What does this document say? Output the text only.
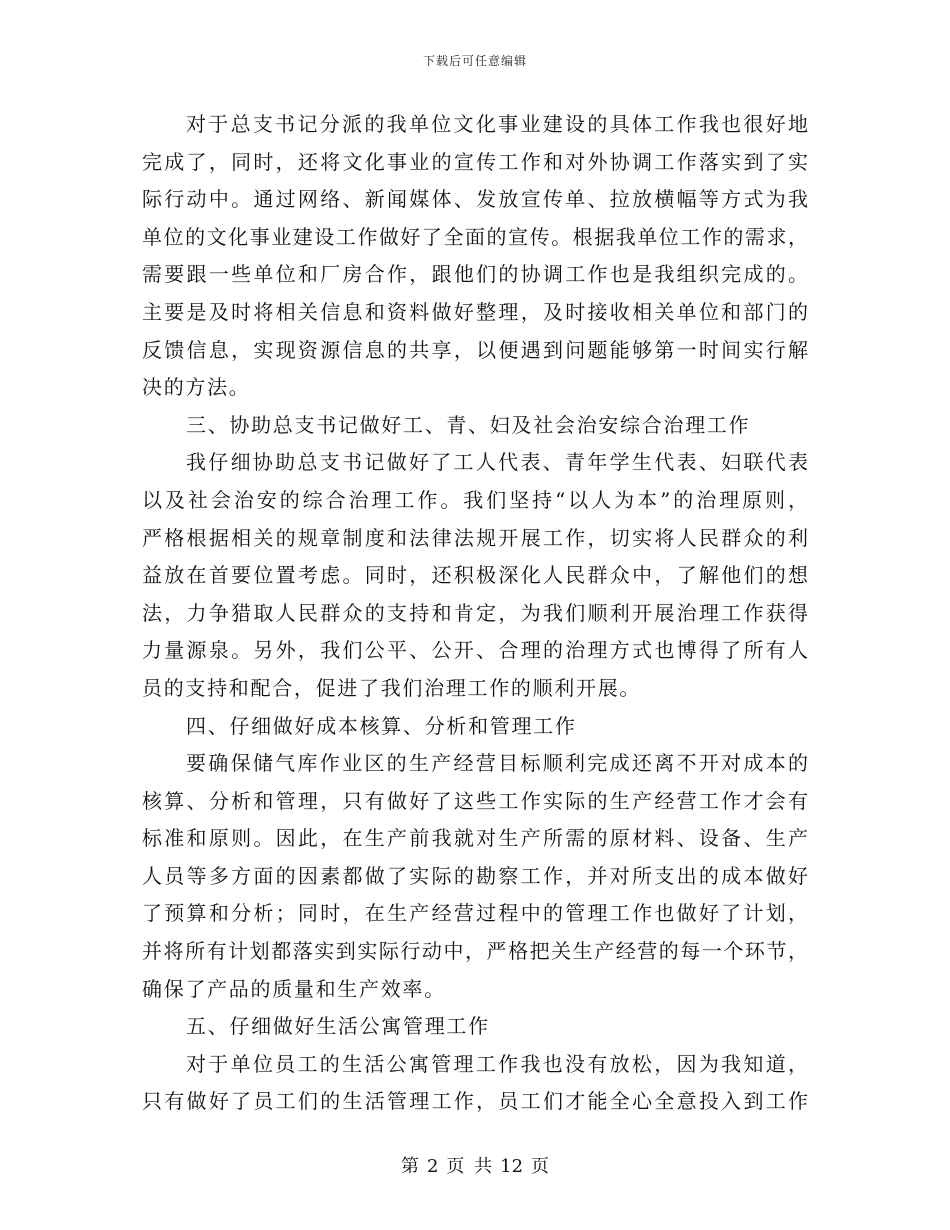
下载后可任意编辑
对于总支书记分派的我单位文化事业建设的具体工作我也很好地
完成了，同时，还将文化事业的宣传工作和对外协调工作落实到了实
际行动中。通过网络、新闻媒体、发放宣传单、拉放横幅等方式为我
单位的文化事业建设工作做好了全面的宣传。根据我单位工作的需求，
需要跟一些单位和厂房合作，跟他们的协调工作也是我组织完成的。
主要是及时将相关信息和资料做好整理，及时接收相关单位和部门的
反馈信息，实现资源信息的共享，以便遇到问题能够第一时间实行解
决的方法。
三、协助总支书记做好工、青、妇及社会治安综合治理工作
我仔细协助总支书记做好了工人代表、青年学生代表、妇联代表
以及社会治安的综合治理工作。我们坚持“以人为本”的治理原则，
严格根据相关的规章制度和法律法规开展工作，切实将人民群众的利
益放在首要位置考虑。同时，还积极深化人民群众中，了解他们的想
法，力争猎取人民群众的支持和肯定，为我们顺利开展治理工作获得
力量源泉。另外，我们公平、公开、合理的治理方式也博得了所有人
员的支持和配合，促进了我们治理工作的顺利开展。
四、仔细做好成本核算、分析和管理工作
要确保储气库作业区的生产经营目标顺利完成还离不开对成本的
核算、分析和管理，只有做好了这些工作实际的生产经营工作才会有
标准和原则。因此，在生产前我就对生产所需的原材料、设备、生产
人员等多方面的因素都做了实际的勘察工作，并对所支出的成本做好
了预算和分析；同时，在生产经营过程中的管理工作也做好了计划，
并将所有计划都落实到实际行动中，严格把关生产经营的每一个环节，
确保了产品的质量和生产效率。
五、仔细做好生活公寓管理工作
对于单位员工的生活公寓管理工作我也没有放松，因为我知道，
只有做好了员工们的生活管理工作，员工们才能全心全意投入到工作
第 2 页 共 12 页
